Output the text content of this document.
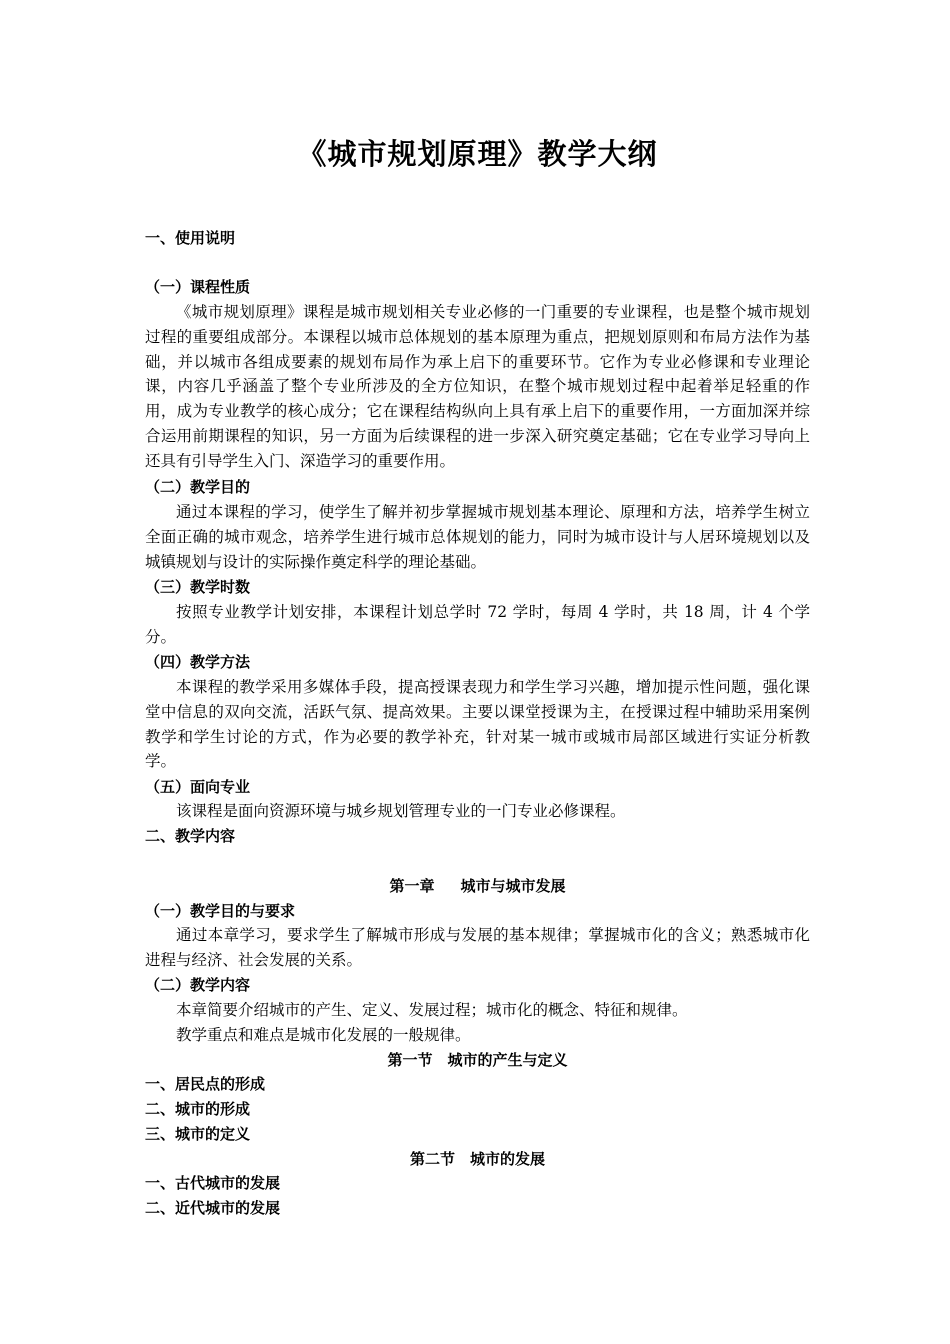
《城市规划原理》教学大纲
一、使用说明
（一）课程性质
《城市规划原理》课程是城市规划相关专业必修的一门重要的专业课程，也是整个城市规划过程的重要组成部分。本课程以城市总体规划的基本原理为重点，把规划原则和布局方法作为基础，并以城市各组成要素的规划布局作为承上启下的重要环节。它作为专业必修课和专业理论课，内容几乎涵盖了整个专业所涉及的全方位知识，在整个城市规划过程中起着举足轻重的作用，成为专业教学的核心成分；它在课程结构纵向上具有承上启下的重要作用，一方面加深并综合运用前期课程的知识，另一方面为后续课程的进一步深入研究奠定基础；它在专业学习导向上还具有引导学生入门、深造学习的重要作用。
（二）教学目的
通过本课程的学习，使学生了解并初步掌握城市规划基本理论、原理和方法，培养学生树立全面正确的城市观念，培养学生进行城市总体规划的能力，同时为城市设计与人居环境规划以及城镇规划与设计的实际操作奠定科学的理论基础。
（三）教学时数
按照专业教学计划安排，本课程计划总学时 72 学时，每周 4 学时，共 18 周，计 4 个学分。
（四）教学方法
本课程的教学采用多媒体手段，提高授课表现力和学生学习兴趣，增加提示性问题，强化课堂中信息的双向交流，活跃气氛、提高效果。主要以课堂授课为主，在授课过程中辅助采用案例教学和学生讨论的方式，作为必要的教学补充，针对某一城市或城市局部区域进行实证分析教学。
（五）面向专业
该课程是面向资源环境与城乡规划管理专业的一门专业必修课程。
二、教学内容
第一章 城市与城市发展
（一）教学目的与要求
通过本章学习，要求学生了解城市形成与发展的基本规律；掌握城市化的含义；熟悉城市化进程与经济、社会发展的关系。
（二）教学内容
本章简要介绍城市的产生、定义、发展过程；城市化的概念、特征和规律。
教学重点和难点是城市化发展的一般规律。
第一节　城市的产生与定义
一、居民点的形成
二、城市的形成
三、城市的定义
第二节　城市的发展
一、古代城市的发展
二、近代城市的发展
